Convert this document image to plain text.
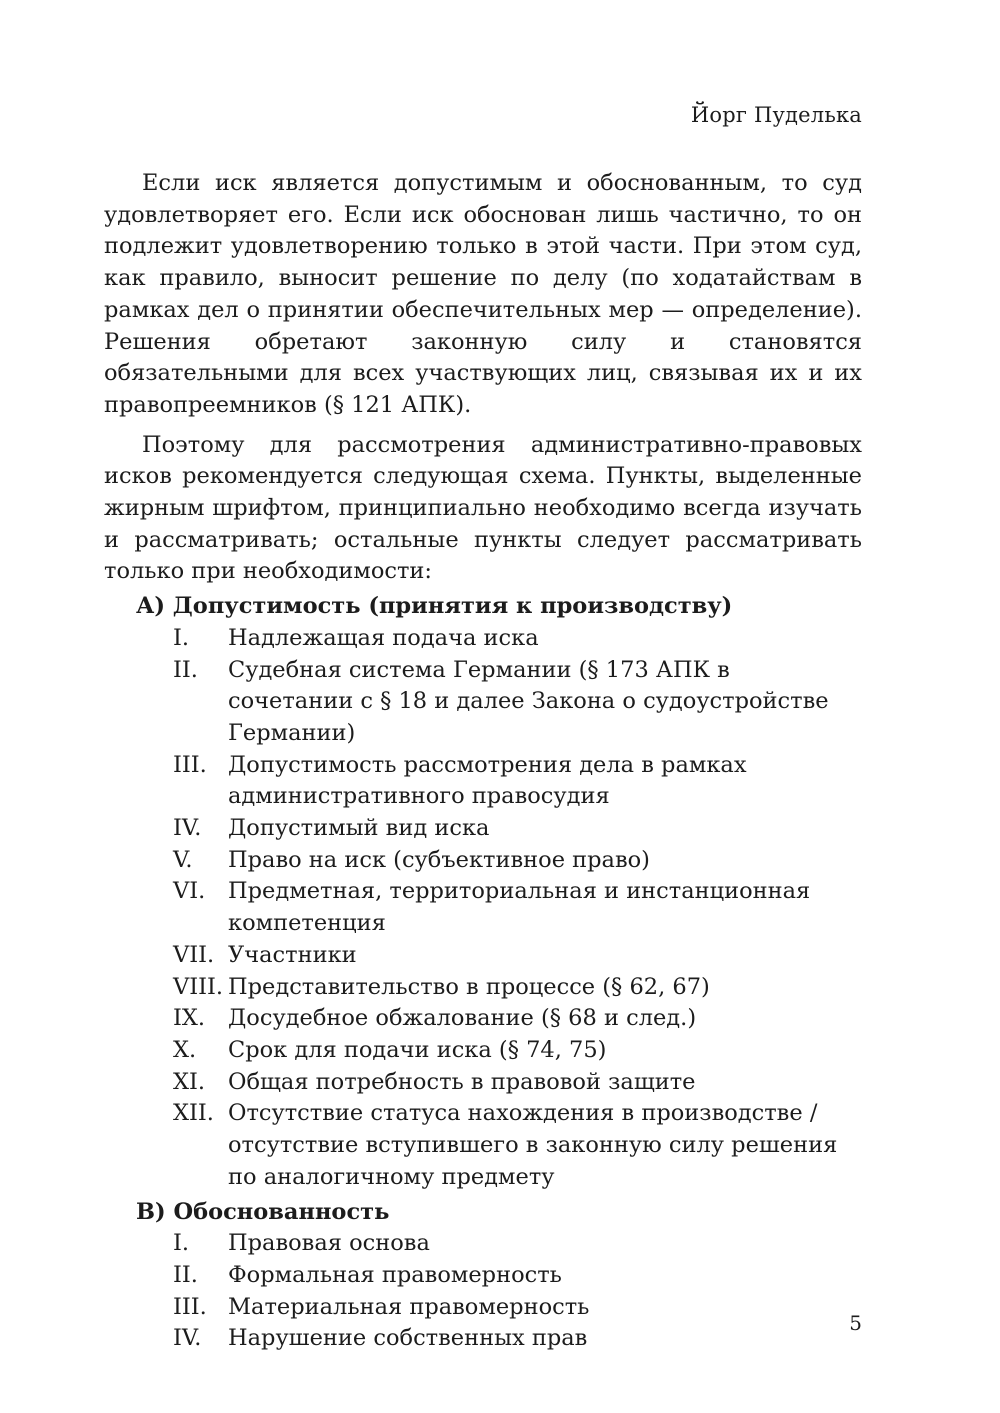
Йорг Пуделька

Если иск является допустимым и обоснованным, то суд удовлетворяет его. Если иск обоснован лишь частично, то он подлежит удовлетворению только в этой части. При этом суд, как правило, выносит решение по делу (по ходатайствам в рамках дел о принятии обеспечительных мер — определение). Решения обретают законную силу и становятся обязательными для всех участвующих лиц, связывая их и их правопреемников (§ 121 АПК).

Поэтому для рассмотрения административно-правовых исков рекомендуется следующая схема. Пункты, выделенные жирным шрифтом, принципиально необходимо всегда изучать и рассматривать; остальные пункты следует рассматривать только при необходимости:

А) Допустимость (принятия к производству)
I.	Надлежащая подача иска
II.	Судебная система Германии (§ 173 АПК в сочетании с § 18 и далее Закона о судоустройстве Германии)
III. Допустимость рассмотрения дела в рамках административного правосудия
IV.	Допустимый вид иска
V.	Право на иск (субъективное право)
VI.	Предметная, территориальная и инстанционная компетенция
VII. Участники
VIII. Представительство в процессе (§ 62, 67)
IX.	Досудебное обжалование (§ 68 и след.)
X.	Срок для подачи иска (§ 74, 75)
XI.	Общая потребность в правовой защите
XII. Отсутствие статуса нахождения в производстве / отсутствие вступившего в законную силу решения по аналогичному предмету
В) Обоснованность
I.	Правовая основа
II.	Формальная правомерность
III. Материальная правомерность
IV.	Нарушение собственных прав
5
